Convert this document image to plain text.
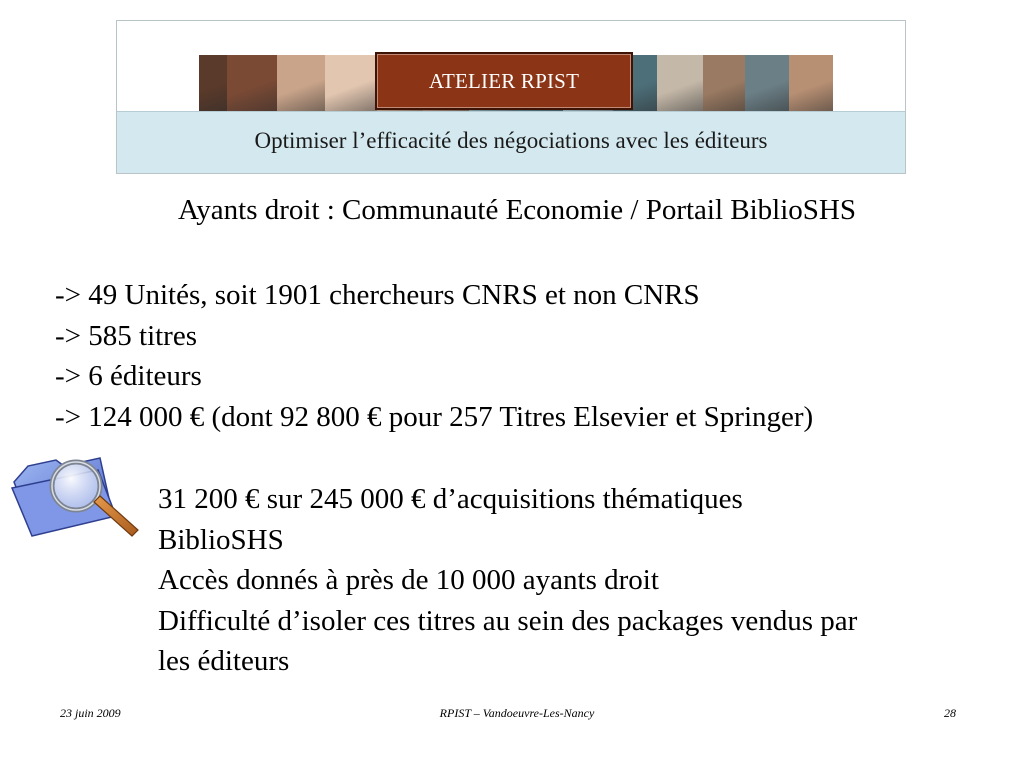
ATELIER RPIST
Optimiser l’efficacité des négociations avec les éditeurs
Ayants droit : Communauté Economie / Portail BiblioSHS
-> 49 Unités, soit 1901 chercheurs CNRS et non CNRS
-> 585 titres
-> 6 éditeurs
-> 124 000 € (dont 92 800 € pour 257 Titres Elsevier et Springer)
31 200 € sur 245 000 € d’acquisitions thématiques
BiblioSHS
Accès donnés à près de 10 000 ayants droit
Difficulté d’isoler ces titres au sein des packages vendus par
les éditeurs
23 juin 2009	RPIST – Vandoeuvre-Les-Nancy	28
